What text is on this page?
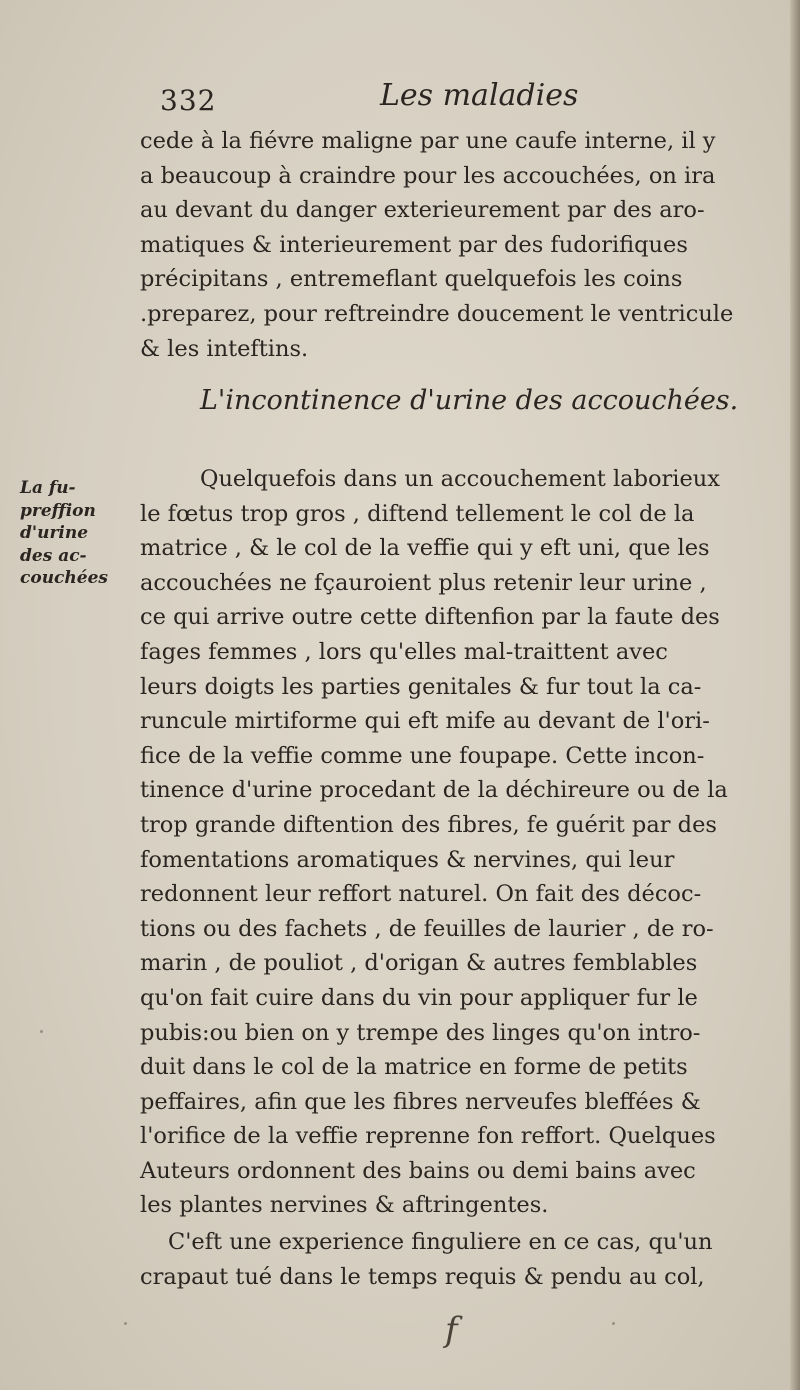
332	Les maladies
cede à la fiévre maligne par une caufe interne, il y
a beaucoup à craindre pour les accouchées, on ira
au devant du danger exterieurement par des aro-
matiques & interieurement par des fudorifiques
précipitans , entremeflant quelquefois les coins
.preparez, pour reftreindre doucement le ventricule
& les inteftins.
L'incontinence d'urine des accouchées.
La fu-
preffion
d'urine
des ac-
couchées
Quelquefois dans un accouchement laborieux
le fœtus trop gros , diftend tellement le col de la
matrice , & le col de la veffie qui y eft uni, que les
accouchées ne fçauroient plus retenir leur urine ,
ce qui arrive outre cette diftenfion par la faute des
fages femmes , lors qu'elles mal-traittent avec
leurs doigts les parties genitales & fur tout la ca-
runcule mirtiforme qui eft mife au devant de l'ori-
fice de la veffie comme une foupape. Cette incon-
tinence d'urine procedant de la déchireure ou de la
trop grande diftention des fibres, fe guérit par des
fomentations aromatiques & nervines, qui leur
redonnent leur reffort naturel. On fait des décoc-
tions ou des fachets , de feuilles de laurier , de ro-
marin , de pouliot , d'origan & autres femblables
qu'on fait cuire dans du vin pour appliquer fur le
pubis:ou bien on y trempe des linges qu'on intro-
duit dans le col de la matrice en forme de petits
peffaires, afin que les fibres nerveufes bleffées &
l'orifice de la veffie reprenne fon reffort. Quelques
Auteurs ordonnent des bains ou demi bains avec
les plantes nervines & aftringentes.
C'eft une experience finguliere en ce cas, qu'un
crapaut tué dans le temps requis & pendu au col,
f
